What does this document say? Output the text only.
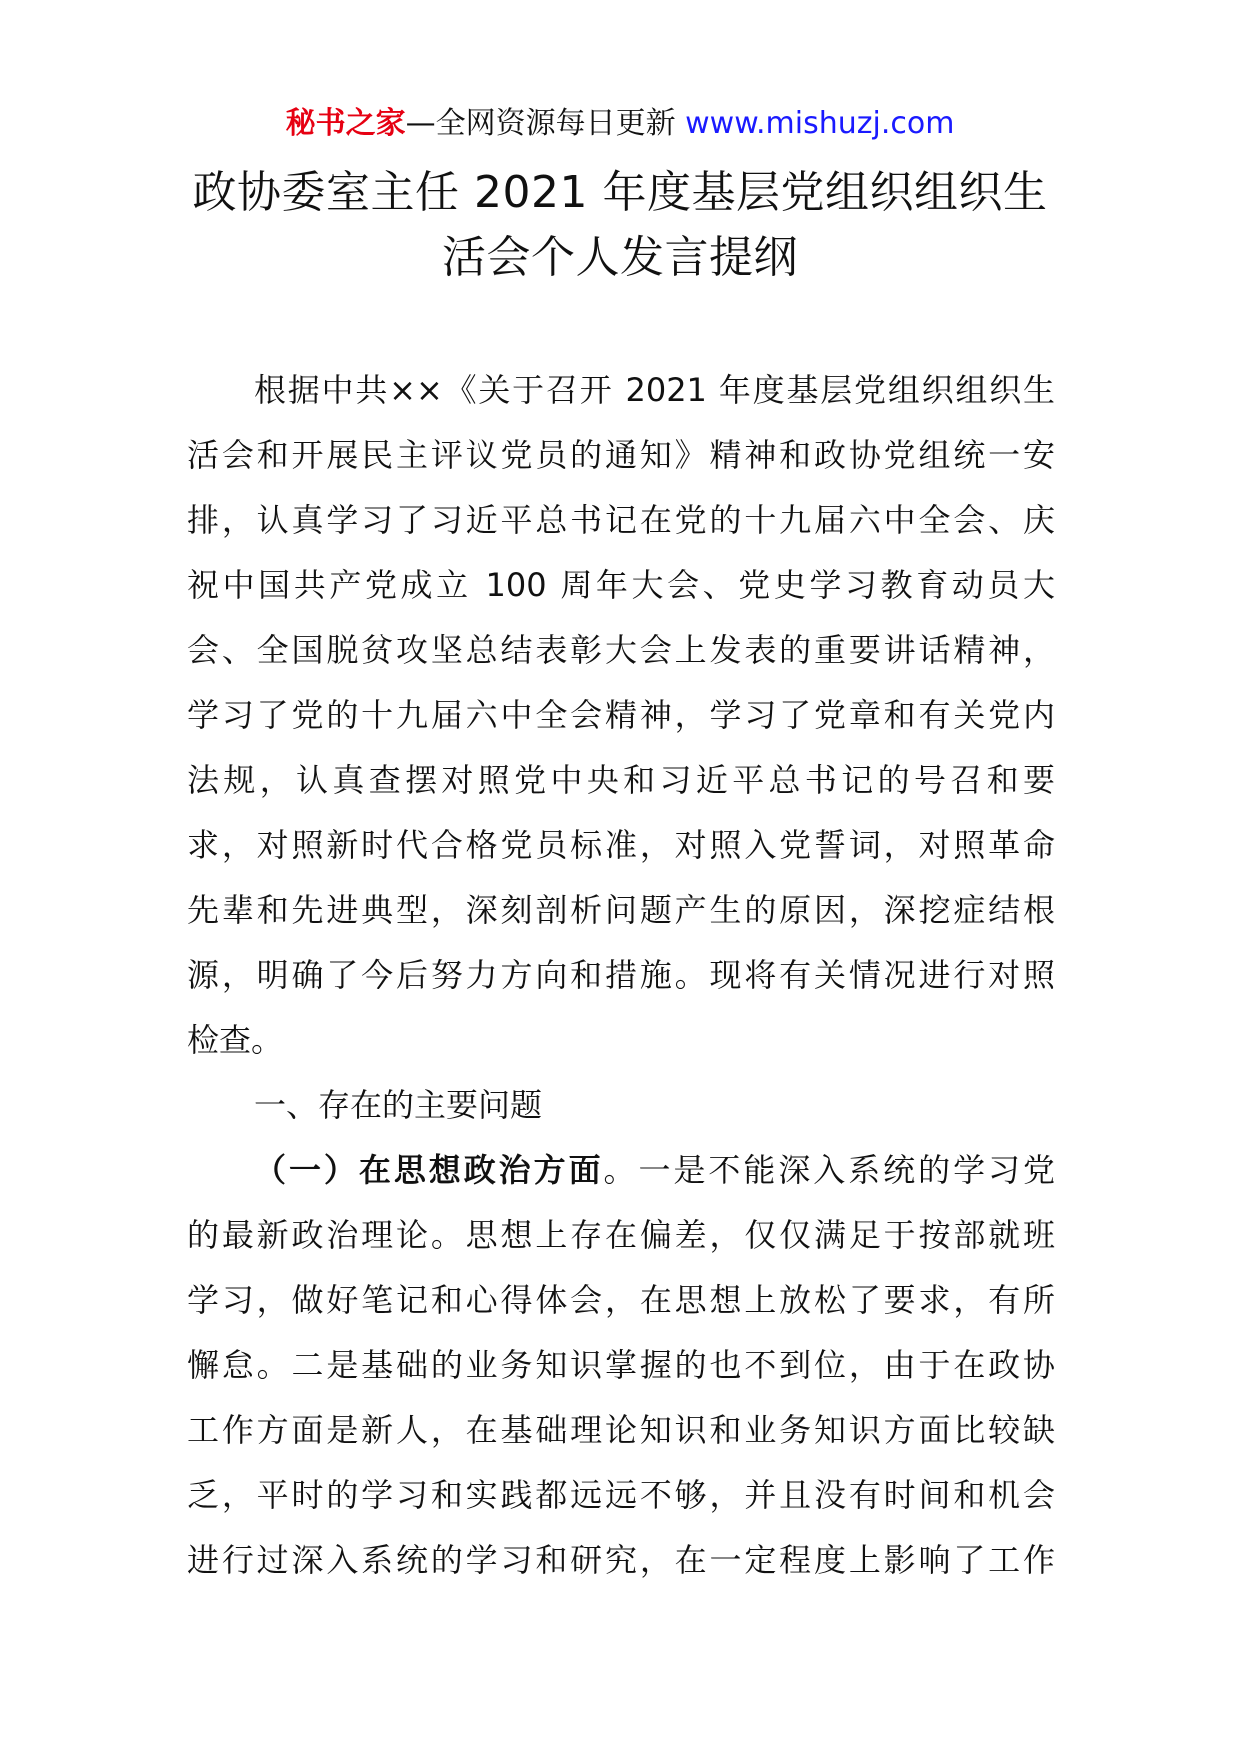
秘书之家—全网资源每日更新 www.mishuzj.com
政协委室主任 2021 年度基层党组织组织生
活会个人发言提纲
根据中共××《关于召开 2021 年度基层党组织组织生
活会和开展民主评议党员的通知》精神和政协党组统一安
排，认真学习了习近平总书记在党的十九届六中全会、庆
祝中国共产党成立 100 周年大会、党史学习教育动员大
会、全国脱贫攻坚总结表彰大会上发表的重要讲话精神，
学习了党的十九届六中全会精神，学习了党章和有关党内
法规，认真查摆对照党中央和习近平总书记的号召和要
求，对照新时代合格党员标准，对照入党誓词，对照革命
先辈和先进典型，深刻剖析问题产生的原因，深挖症结根
源，明确了今后努力方向和措施。现将有关情况进行对照
检查。
一、存在的主要问题
（一）在思想政治方面。一是不能深入系统的学习党
的最新政治理论。思想上存在偏差，仅仅满足于按部就班
学习，做好笔记和心得体会，在思想上放松了要求，有所
懈怠。二是基础的业务知识掌握的也不到位，由于在政协
工作方面是新人，在基础理论知识和业务知识方面比较缺
乏，平时的学习和实践都远远不够，并且没有时间和机会
进行过深入系统的学习和研究，在一定程度上影响了工作
